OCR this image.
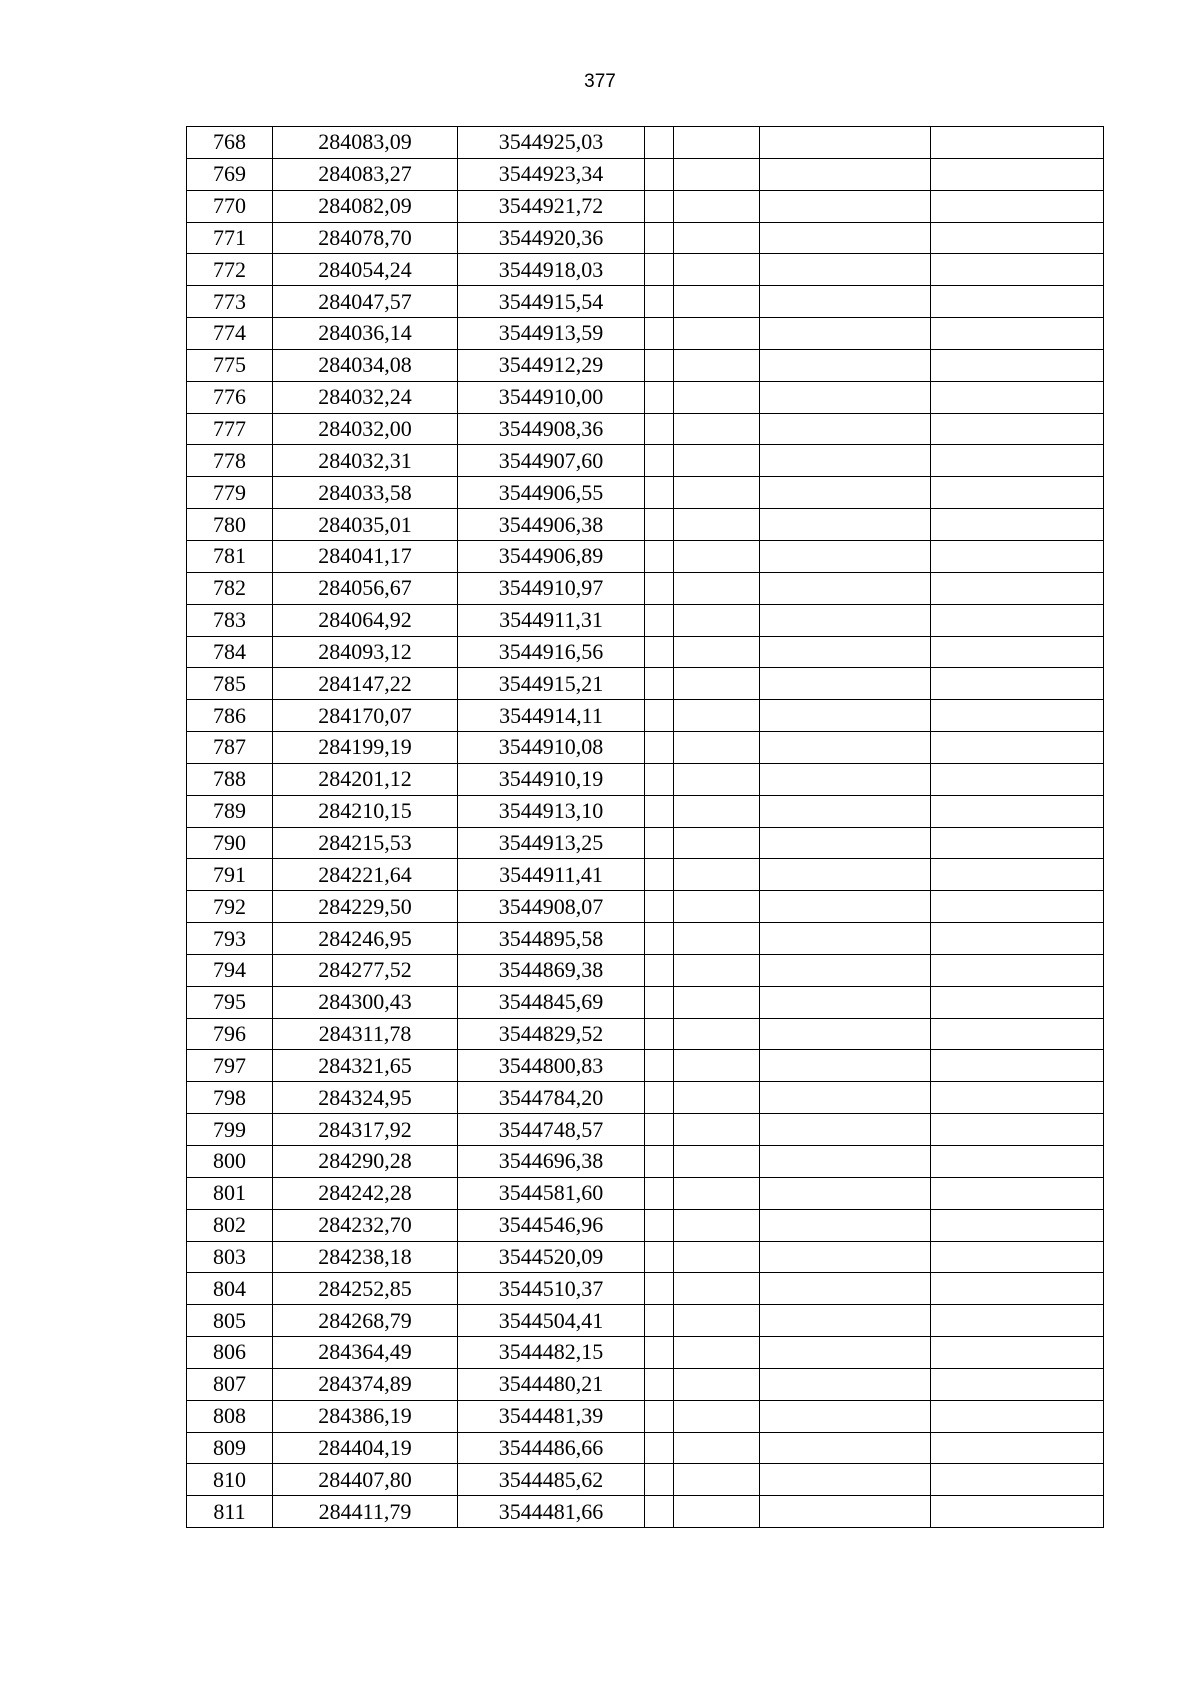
377
768	284083,09	3544925,03				
769	284083,27	3544923,34				
770	284082,09	3544921,72				
771	284078,70	3544920,36				
772	284054,24	3544918,03				
773	284047,57	3544915,54				
774	284036,14	3544913,59				
775	284034,08	3544912,29				
776	284032,24	3544910,00				
777	284032,00	3544908,36				
778	284032,31	3544907,60				
779	284033,58	3544906,55				
780	284035,01	3544906,38				
781	284041,17	3544906,89				
782	284056,67	3544910,97				
783	284064,92	3544911,31				
784	284093,12	3544916,56				
785	284147,22	3544915,21				
786	284170,07	3544914,11				
787	284199,19	3544910,08				
788	284201,12	3544910,19				
789	284210,15	3544913,10				
790	284215,53	3544913,25				
791	284221,64	3544911,41				
792	284229,50	3544908,07				
793	284246,95	3544895,58				
794	284277,52	3544869,38				
795	284300,43	3544845,69				
796	284311,78	3544829,52				
797	284321,65	3544800,83				
798	284324,95	3544784,20				
799	284317,92	3544748,57				
800	284290,28	3544696,38				
801	284242,28	3544581,60				
802	284232,70	3544546,96				
803	284238,18	3544520,09				
804	284252,85	3544510,37				
805	284268,79	3544504,41				
806	284364,49	3544482,15				
807	284374,89	3544480,21				
808	284386,19	3544481,39				
809	284404,19	3544486,66				
810	284407,80	3544485,62				
811	284411,79	3544481,66				
